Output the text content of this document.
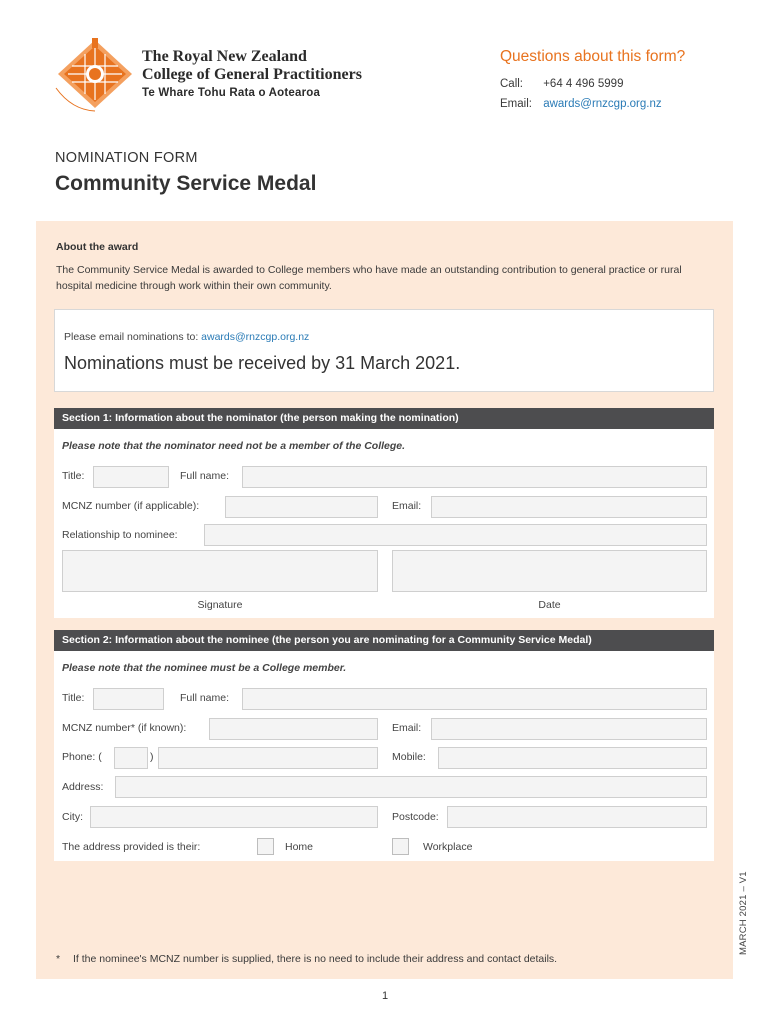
The Royal New Zealand
College of General Practitioners
Te Whare Tohu Rata o Aotearoa
Questions about this form?
Call: +64 4 496 5999
Email: awards@rnzcgp.org.nz
NOMINATION FORM
Community Service Medal
About the award
The Community Service Medal is awarded to College members who have made an outstanding contribution to general practice or rural hospital medicine through work within their own community.
Please email nominations to: awards@rnzcgp.org.nz
Nominations must be received by 31 March 2021.
Section 1: Information about the nominator (the person making the nomination)
Please note that the nominator need not be a member of the College.
Title:	Full name:
MCNZ number (if applicable):	Email:
Relationship to nominee:
Signature	Date
Section 2: Information about the nominee (the person you are nominating for a Community Service Medal)
Please note that the nominee must be a College member.
Title:	Full name:
MCNZ number* (if known):	Email:
Phone: (	)	Mobile:
Address:
City:	Postcode:
The address provided is their:	Home	Workplace
MARCH 2021 – V1
* If the nominee's MCNZ number is supplied, there is no need to include their address and contact details.
1
